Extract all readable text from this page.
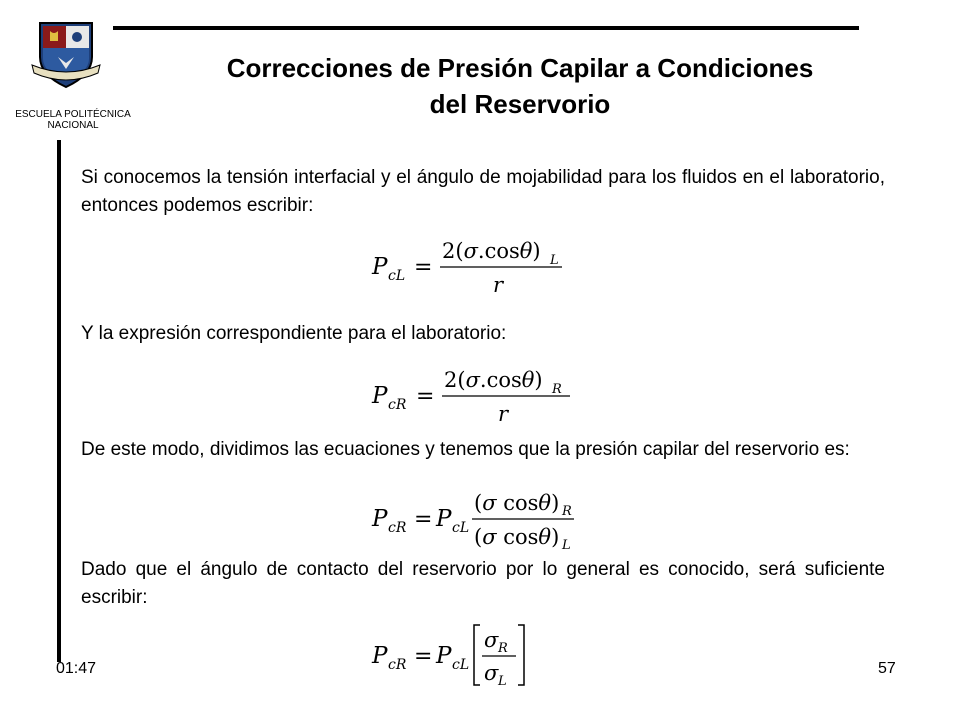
ESCUELA POLITÉCNICA
NACIONAL
Correcciones de Presión Capilar a Condiciones
del Reservorio

Si conocemos la tensión interfacial y el ángulo de mojabilidad para los fluidos en el laboratorio, entonces podemos escribir:

P cL =
2(σ.cosθ) L
r

Y la expresión correspondiente para el laboratorio:

P cR =
2(σ.cosθ) R
r

De este modo, dividimos las ecuaciones y tenemos que la presión capilar del reservorio es:

P cR = P cL
(σ cosθ) R
(σ cosθ) L

Dado que el ángulo de contacto del reservorio por lo general es conocido, será suficiente escribir:

P cR = P cL
σ R
σ L
01:47	57
